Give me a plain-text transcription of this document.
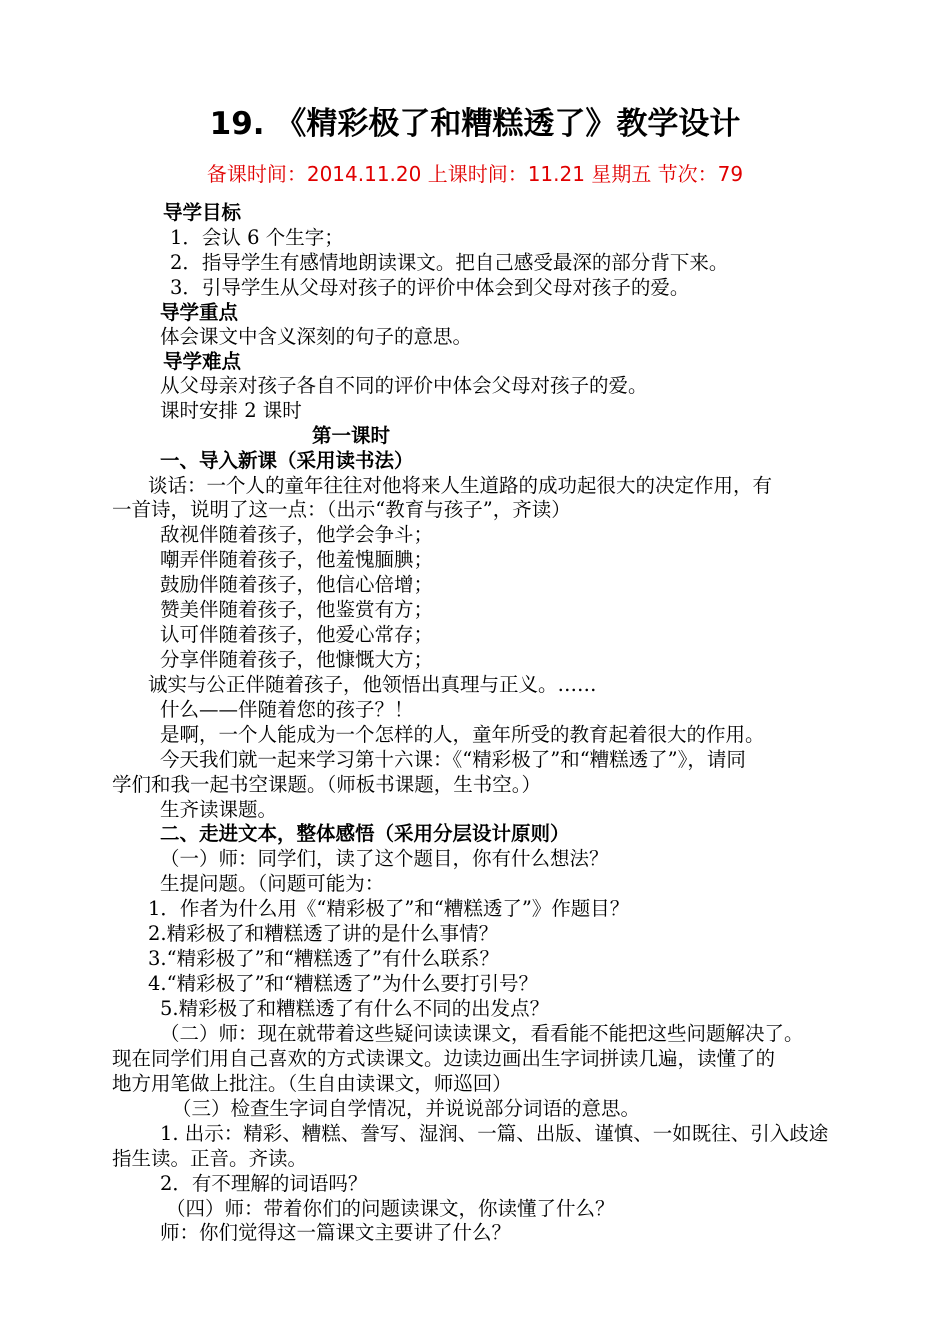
19. 《精彩极了和糟糕透了》教学设计
备课时间：2014.11.20 上课时间：11.21 星期五 节次：79
导学目标
1．会认 6 个生字；
2．指导学生有感情地朗读课文。把自己感受最深的部分背下来。
3．引导学生从父母对孩子的评价中体会到父母对孩子的爱。
导学重点
体会课文中含义深刻的句子的意思。
导学难点
从父母亲对孩子各自不同的评价中体会父母对孩子的爱。
课时安排 2 课时
第一课时
一、导入新课（采用读书法）
谈话：一个人的童年往往对他将来人生道路的成功起很大的决定作用，有
一首诗，说明了这一点：（出示“教育与孩子”，齐读）
敌视伴随着孩子，他学会争斗；
嘲弄伴随着孩子，他羞愧腼腆；
鼓励伴随着孩子，他信心倍增；
赞美伴随着孩子，他鉴赏有方；
认可伴随着孩子，他爱心常存；
分享伴随着孩子，他慷慨大方；
诚实与公正伴随着孩子，他领悟出真理与正义。……
什么——伴随着您的孩子？！
是啊，一个人能成为一个怎样的人，童年所受的教育起着很大的作用。
今天我们就一起来学习第十六课：《“精彩极了”和“糟糕透了”》，请同
学们和我一起书空课题。（师板书课题，生书空。）
生齐读课题。
二、走进文本，整体感悟（采用分层设计原则）
（一）师：同学们，读了这个题目，你有什么想法？
生提问题。（问题可能为：
1．作者为什么用《“精彩极了”和“糟糕透了”》作题目？
2.精彩极了和糟糕透了讲的是什么事情？
3.“精彩极了”和“糟糕透了”有什么联系？
4.“精彩极了”和“糟糕透了”为什么要打引号？
5.精彩极了和糟糕透了有什么不同的出发点？
（二）师：现在就带着这些疑问读读课文，看看能不能把这些问题解决了。
现在同学们用自己喜欢的方式读课文。边读边画出生字词拼读几遍，读懂了的
地方用笔做上批注。（生自由读课文，师巡回）
（三）检查生字词自学情况，并说说部分词语的意思。
1. 出示：精彩、糟糕、誊写、湿润、一篇、出版、谨慎、一如既往、引入歧途
指生读。正音。齐读。
2．有不理解的词语吗？
（四）师：带着你们的问题读课文，你读懂了什么？
师：你们觉得这一篇课文主要讲了什么？
